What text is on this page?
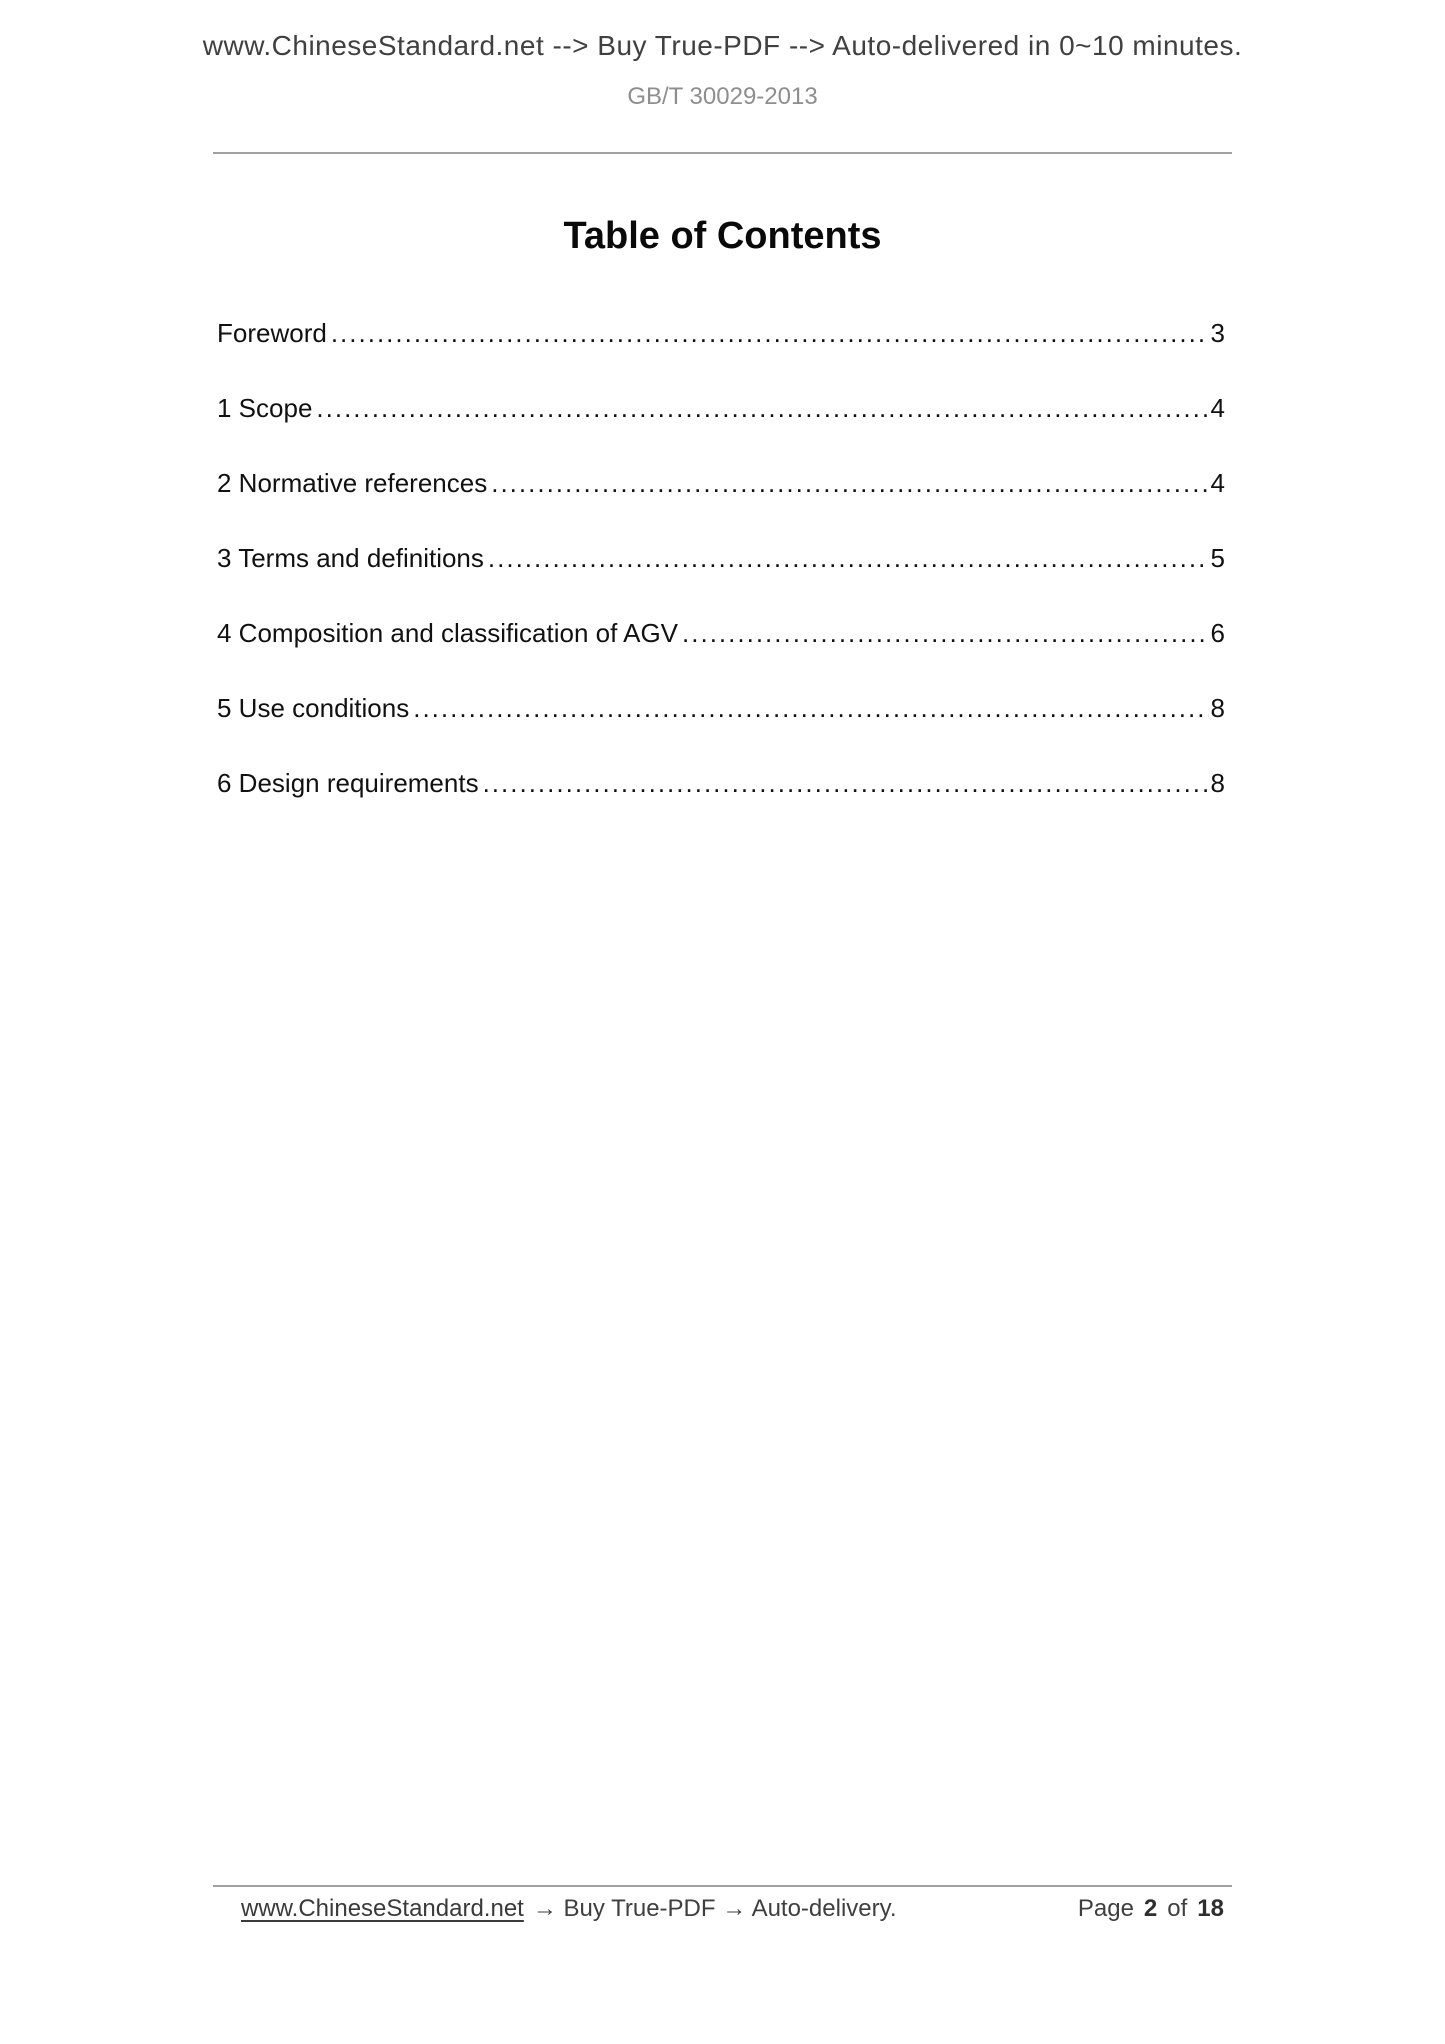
www.ChineseStandard.net --> Buy True-PDF --> Auto-delivered in 0~10 minutes.
GB/T 30029-2013
Table of Contents
Foreword .....	3
1 Scope .....	4
2 Normative references .....	4
3 Terms and definitions .....	5
4 Composition and classification of AGV .....	6
5 Use conditions .....	8
6 Design requirements .....	8
www.ChineseStandard.net → Buy True-PDF → Auto-delivery.	Page 2 of 18
